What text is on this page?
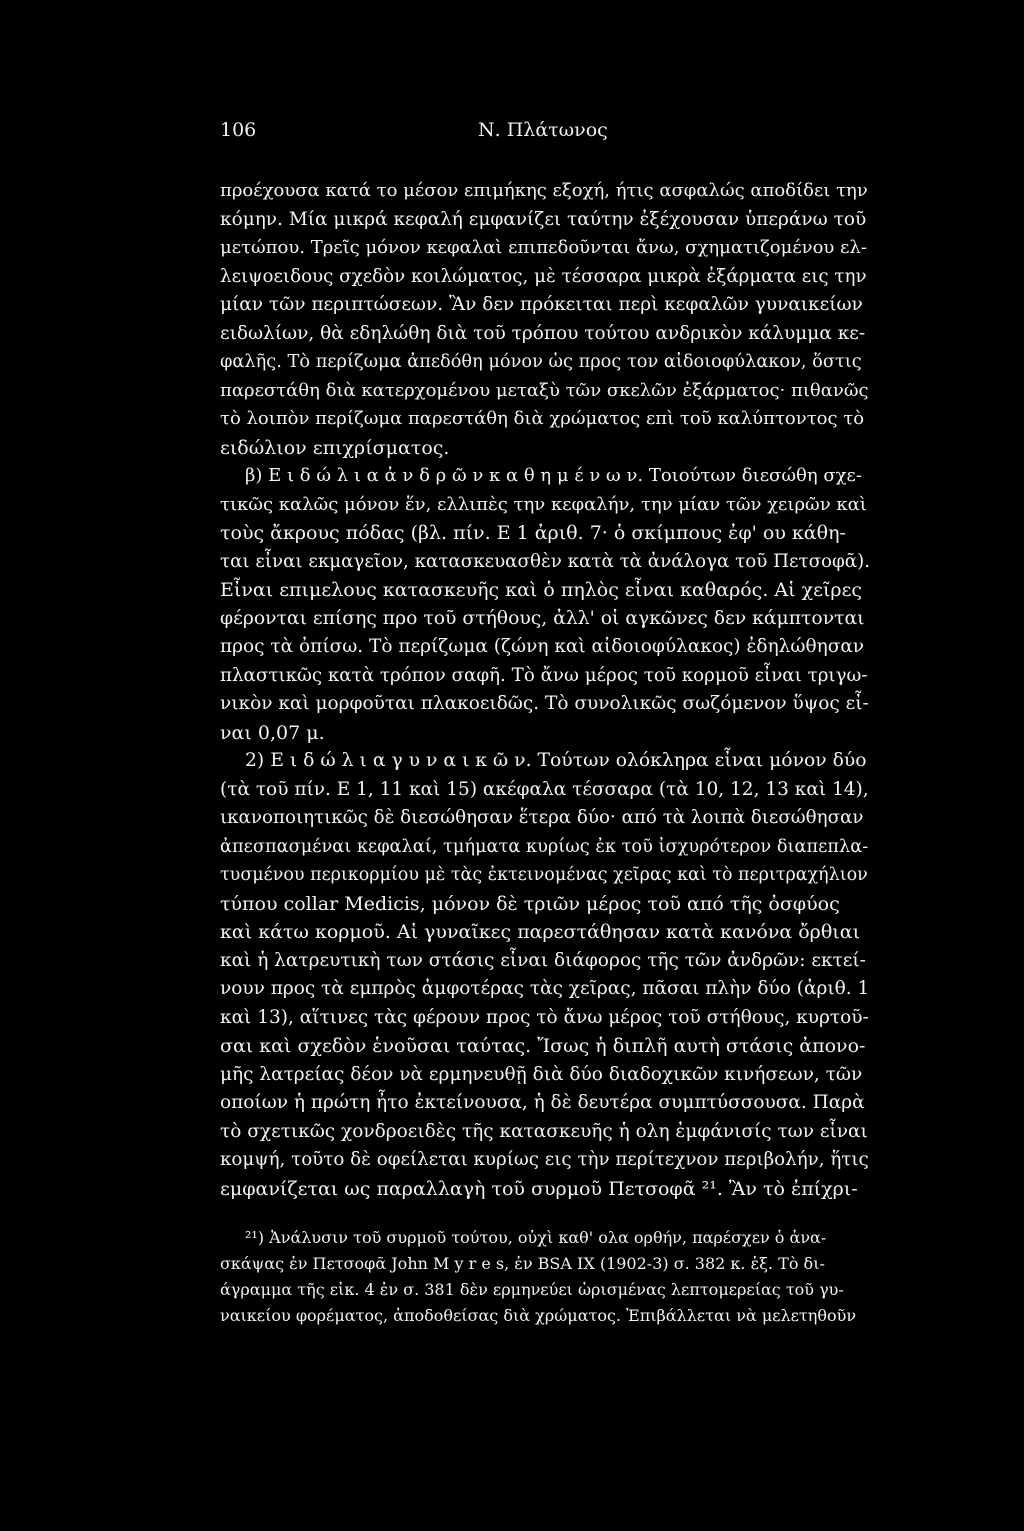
106	Ν. Πλάτωνος
προέχουσα κατά το μέσον επιμήκης εξοχή, ήτις ασφαλώς αποδίδει την
κόμην. Μία μικρά κεφαλή εμφανίζει ταύτην ἐξέχουσαν ὑπεράνω τοῦ
μετώπου. Τρεῖς μόνον κεφαλαὶ επιπεδοῦνται ἄνω, σχηματιζομένου ελ-
λειψοειδους σχεδὸν κοιλώματος, μὲ τέσσαρα μικρὰ ἐξάρματα εις την
μίαν τῶν περιπτώσεων. Ἂν δεν πρόκειται περὶ κεφαλῶν γυναικείων
ειδωλίων, θὰ εδηλώθη διὰ τοῦ τρόπου τούτου ανδρικὸν κάλυμμα κε-
φαλῆς. Τὸ περίζωμα ἀπεδόθη μόνον ὡς προς τον αἰδοιοφύλακον, ὅστις
παρεστάθη διὰ κατερχομένου μεταξὺ τῶν σκελῶν ἐξάρματος· πιθανῶς
τὸ λοιπὸν περίζωμα παρεστάθη διὰ χρώματος επὶ τοῦ καλύπτοντος τὸ
ειδώλιον επιχρίσματος.
β) Ε ι δ ώ λ ι α ἀ ν δ ρ ῶ ν κ α θ η μ έ ν ω ν. Τοιούτων διεσώθη σχε-
τικῶς καλῶς μόνον ἕν, ελλιπὲς την κεφαλήν, την μίαν τῶν χειρῶν καὶ
τοὺς ἄκρους πόδας (βλ. πίν. Ε 1 ἀριθ. 7· ὁ σκίμπους ἐφ' ου κάθη-
ται εἶναι εκμαγεῖον, κατασκευασθὲν κατὰ τὰ ἀνάλογα τοῦ Πετσοφᾶ).
Εἶναι επιμελους κατασκευῆς καὶ ὁ πηλὸς εἶναι καθαρός. Αἱ χεῖρες
φέρονται επίσης προ τοῦ στήθους, ἀλλ' οἱ αγκῶνες δεν κάμπτονται
προς τὰ ὀπίσω. Τὸ περίζωμα (ζώνη καὶ αἰδοιοφύλακος) ἐδηλώθησαν
πλαστικῶς κατὰ τρόπον σαφῆ. Τὸ ἄνω μέρος τοῦ κορμοῦ εἶναι τριγω-
νικὸν καὶ μορφοῦται πλακοειδῶς. Τὸ συνολικῶς σωζόμενον ὕψος εἶ-
ναι 0,07 μ.
2) Ε ι δ ώ λ ι α γ υ ν α ι κ ῶ ν. Τούτων ολόκληρα εἶναι μόνον δύο
(τὰ τοῦ πίν. Ε 1, 11 καὶ 15) ακέφαλα τέσσαρα (τὰ 10, 12, 13 καὶ 14),
ικανοποιητικῶς δὲ διεσώθησαν ἕτερα δύο· από τὰ λοιπὰ διεσώθησαν
ἀπεσπασμέναι κεφαλαί, τμήματα κυρίως ἐκ τοῦ ἰσχυρότερον διαπεπλα-
τυσμένου περικορμίου μὲ τὰς ἐκτεινομένας χεῖρας καὶ τὸ περιτραχήλιον
τύπου collar Medicis, μόνον δὲ τριῶν μέρος τοῦ από τῆς ὀσφύος
καὶ κάτω κορμοῦ. Αἱ γυναῖκες παρεστάθησαν κατὰ κανόνα ὄρθιαι
καὶ ἡ λατρευτικὴ των στάσις εἶναι διάφορος τῆς τῶν ἀνδρῶν: εκτεί-
νουν προς τὰ εμπρὸς ἀμφοτέρας τὰς χεῖρας, πᾶσαι πλὴν δύο (ἀριθ. 1
καὶ 13), αἵτινες τὰς φέρουν προς τὸ ἄνω μέρος τοῦ στήθους, κυρτοῦ-
σαι καὶ σχεδὸν ἑνοῦσαι ταύτας. Ἴσως ἡ διπλῆ αυτὴ στάσις ἀπονο-
μῆς λατρείας δέον νὰ ερμηνευθῇ διὰ δύο διαδοχικῶν κινήσεων, τῶν
οποίων ἡ πρώτη ἦτο ἐκτείνουσα, ἡ δὲ δευτέρα συμπτύσσουσα. Παρὰ
τὸ σχετικῶς χονδροειδὲς τῆς κατασκευῆς ἡ ολη ἐμφάνισίς των εἶναι
κομψή, τοῦτο δὲ οφείλεται κυρίως εις τὴν περίτεχνον περιβολήν, ἥτις
εμφανίζεται ως παραλλαγὴ τοῦ συρμοῦ Πετσοφᾶ ²¹. Ἂν τὸ ἐπίχρι-
²¹) Ἀνάλυσιν τοῦ συρμοῦ τούτου, οὐχὶ καθ' ολα ορθήν, παρέσχεν ὁ ἀνα-
σκάψας ἐν Πετσοφᾶ John M y r e s, ἐν BSA IX (1902-3) σ. 382 κ. ἑξ. Τὸ δι-
άγραμμα τῆς εἰκ. 4 ἐν σ. 381 δὲν ερμηνεύει ὡρισμένας λεπτομερείας τοῦ γυ-
ναικείου φορέματος, ἀποδοθείσας διὰ χρώματος. Ἐπιβάλλεται νὰ μελετηθοῦν
